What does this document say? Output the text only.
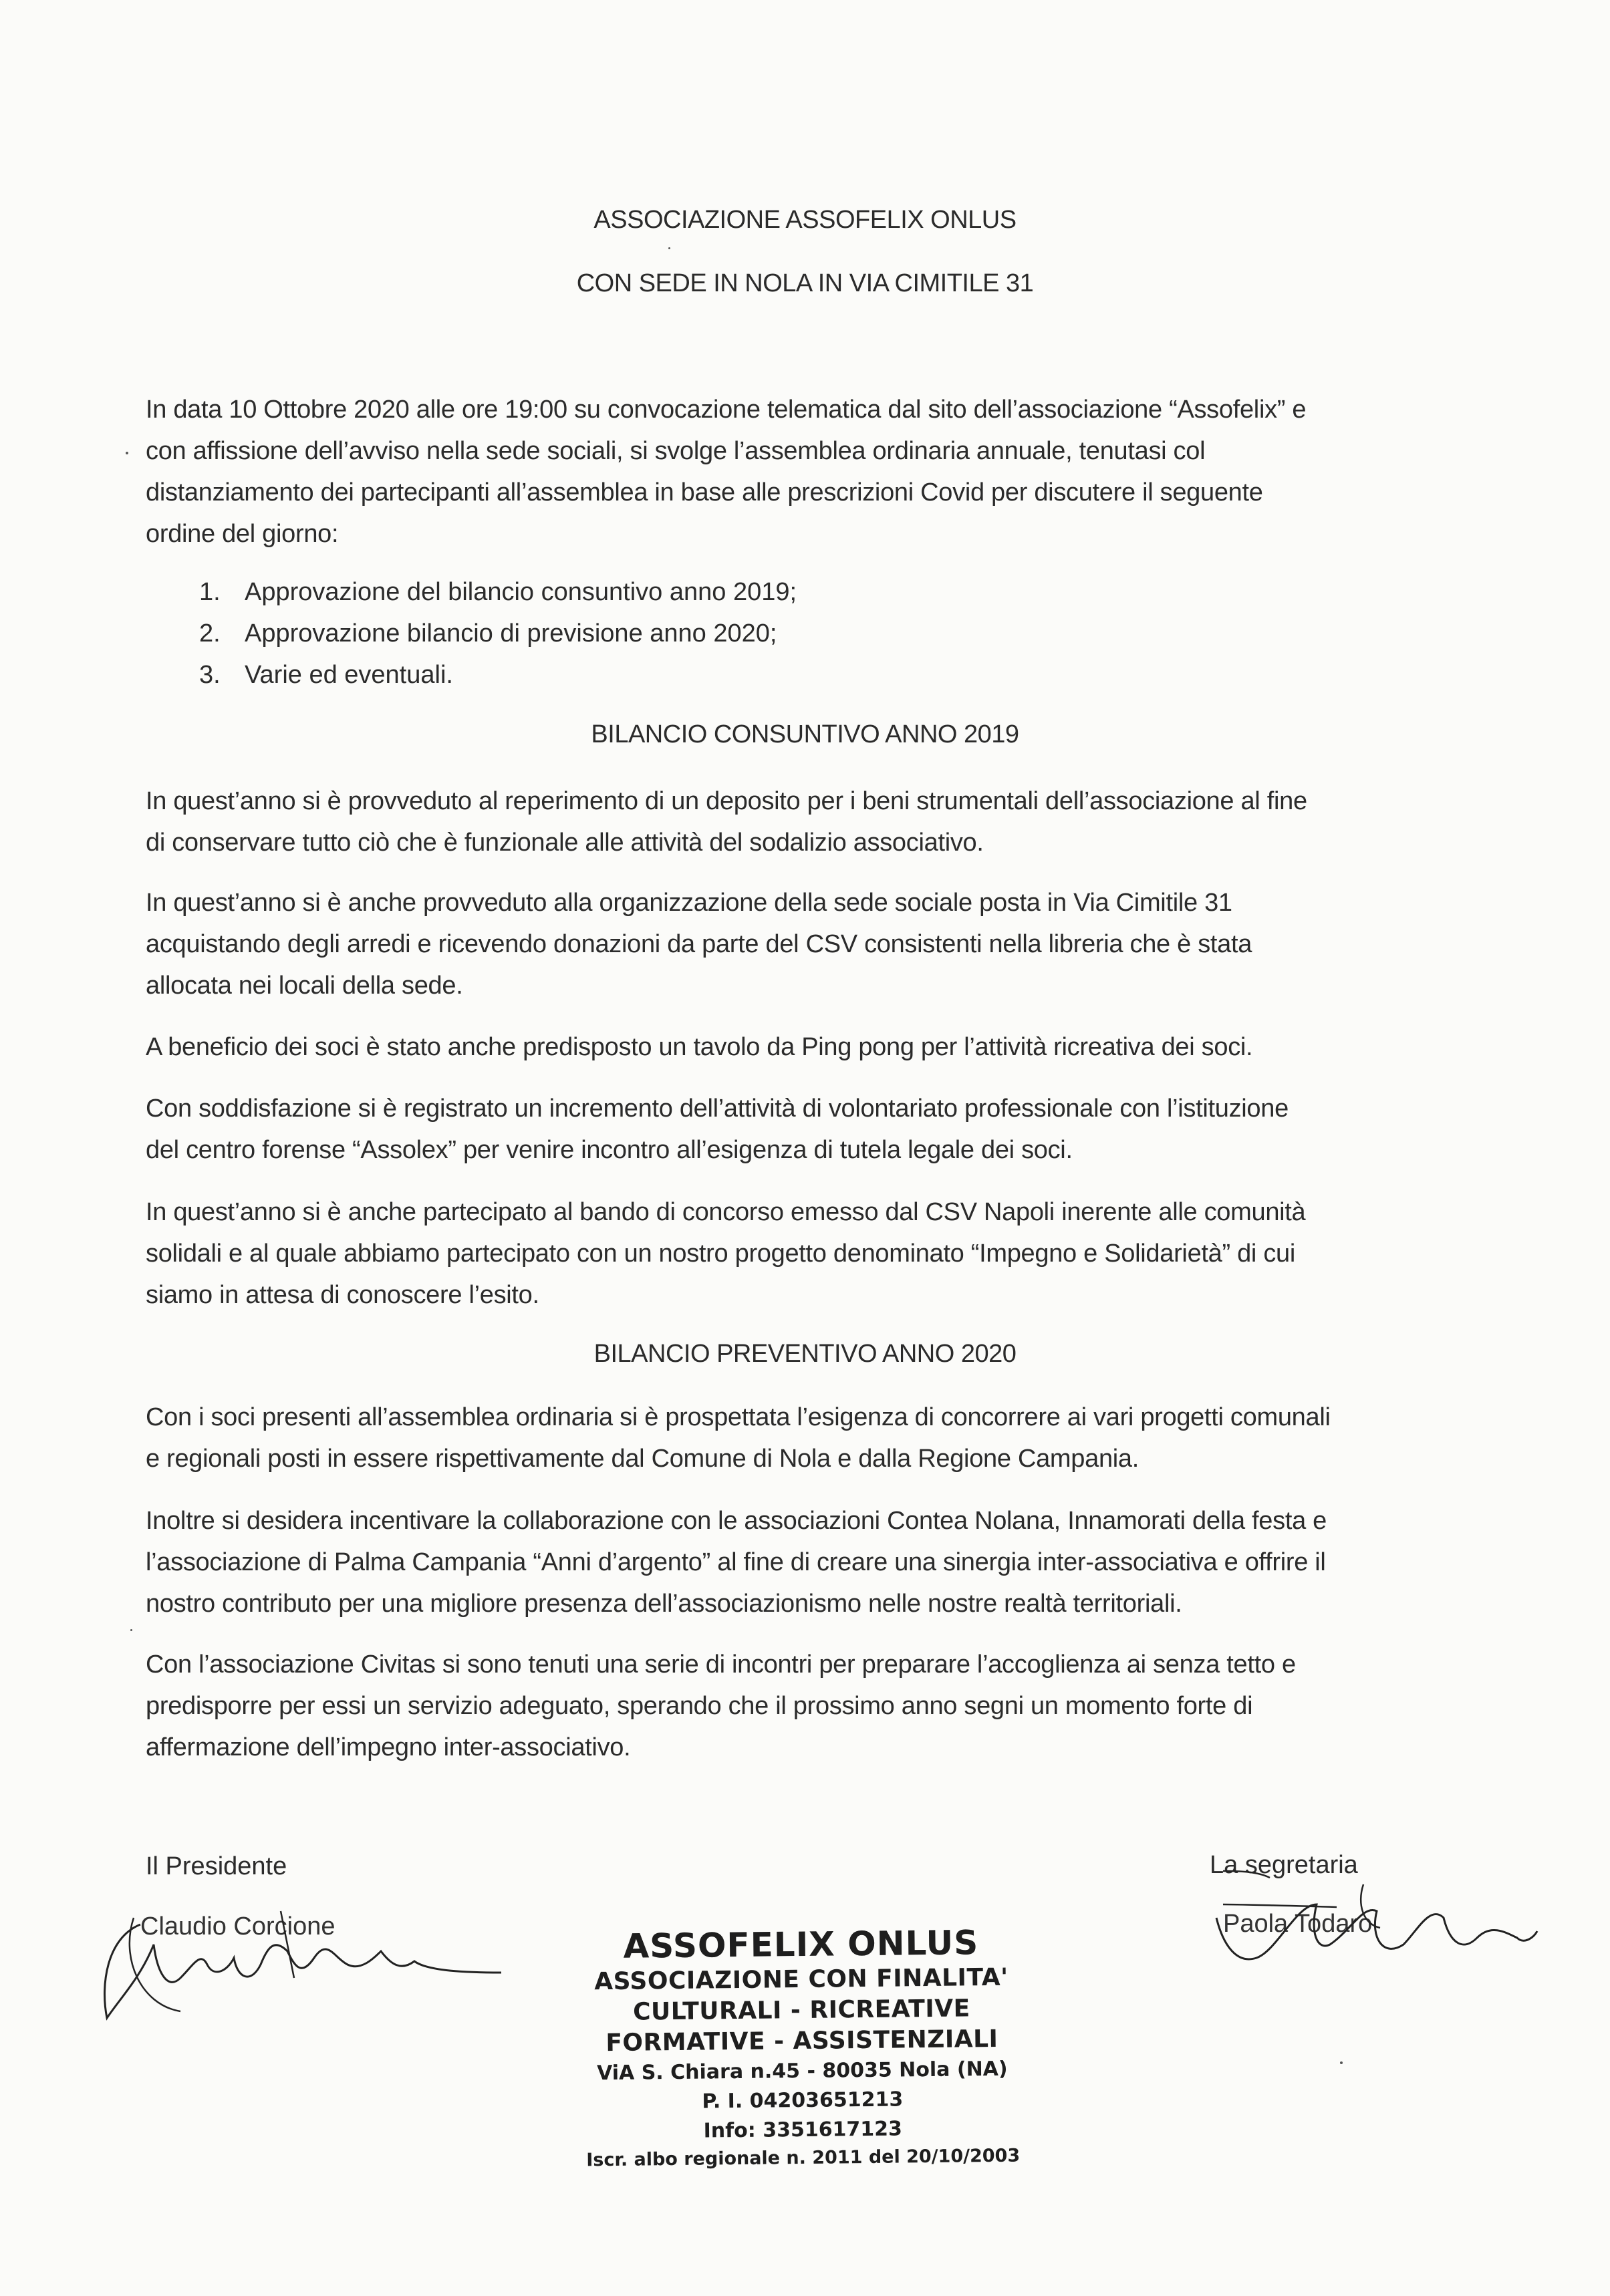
ASSOCIAZIONE ASSOFELIX ONLUS
CON SEDE IN NOLA IN VIA CIMITILE 31
In data 10 Ottobre 2020 alle ore 19:00 su convocazione telematica dal sito dell’associazione “Assofelix” e
con affissione dell’avviso nella sede sociali, si svolge l’assemblea ordinaria annuale, tenutasi col
distanziamento dei partecipanti all’assemblea in base alle prescrizioni Covid per discutere il seguente
ordine del giorno:
1. Approvazione del bilancio consuntivo anno 2019;
2. Approvazione bilancio di previsione anno 2020;
3. Varie ed eventuali.
BILANCIO CONSUNTIVO ANNO 2019
In quest’anno si è provveduto al reperimento di un deposito per i beni strumentali dell’associazione al fine
di conservare tutto ciò che è funzionale alle attività del sodalizio associativo.
In quest’anno si è anche provveduto alla organizzazione della sede sociale posta in Via Cimitile 31
acquistando degli arredi e ricevendo donazioni da parte del CSV consistenti nella libreria che è stata
allocata nei locali della sede.
A beneficio dei soci è stato anche predisposto un tavolo da Ping pong per l’attività ricreativa dei soci.
Con soddisfazione si è registrato un incremento dell’attività di volontariato professionale con l’istituzione
del centro forense “Assolex” per venire incontro all’esigenza di tutela legale dei soci.
In quest’anno si è anche partecipato al bando di concorso emesso dal CSV Napoli inerente alle comunità
solidali e al quale abbiamo partecipato con un nostro progetto denominato “Impegno e Solidarietà” di cui
siamo in attesa di conoscere l’esito.
BILANCIO PREVENTIVO ANNO 2020
Con i soci presenti all’assemblea ordinaria si è prospettata l’esigenza di concorrere ai vari progetti comunali
e regionali posti in essere rispettivamente dal Comune di Nola e dalla Regione Campania.
Inoltre si desidera incentivare la collaborazione con le associazioni Contea Nolana, Innamorati della festa e
l’associazione di Palma Campania “Anni d’argento” al fine di creare una sinergia inter-associativa e offrire il
nostro contributo per una migliore presenza dell’associazionismo nelle nostre realtà territoriali.
Con l’associazione Civitas si sono tenuti una serie di incontri per preparare l’accoglienza ai senza tetto e
predisporre per essi un servizio adeguato, sperando che il prossimo anno segni un momento forte di
affermazione dell’impegno inter-associativo.
Il Presidente
Claudio Corcione
La segretaria
Paola Todaro
ASSOFELIX ONLUS
ASSOCIAZIONE CON FINALITA'
CULTURALI - RICREATIVE
FORMATIVE - ASSISTENZIALI
ViA S. Chiara n.45 - 80035 Nola (NA)
P. I. 04203651213
Info: 3351617123
Iscr. albo regionale n. 2011 del 20/10/2003
